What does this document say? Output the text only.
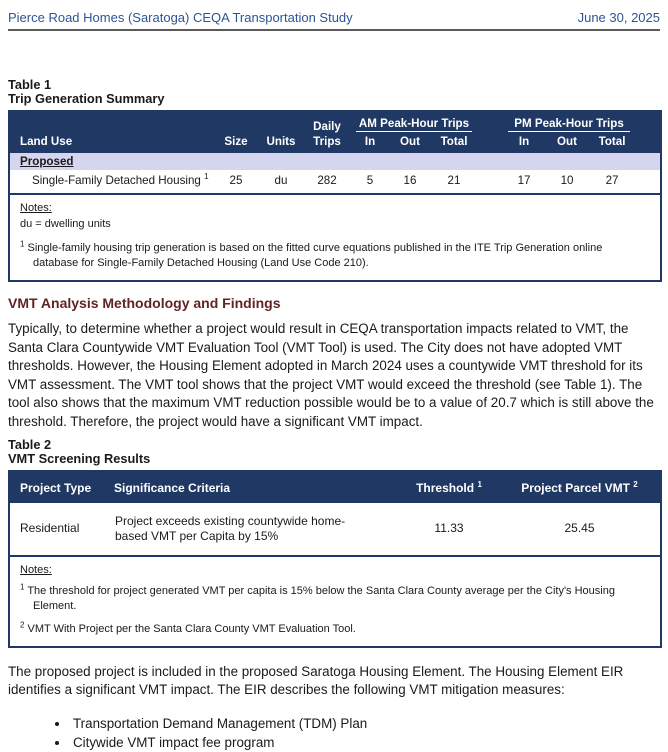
Pierce Road Homes (Saratoga) CEQA Transportation Study	June 30, 2025
Table 1
Trip Generation Summary
			Daily	AM Peak-Hour Trips				PM Peak-Hour Trips			

Land Use	Size	Units	Trips	In	Out	Total		In	Out	Total	
Proposed											
Single-Family Detached Housing $^1$	25	du	282	5	16	21		17	10	27	

Notes:
du = dwelling units
$^1$ Single-family housing trip generation is based on the fitted curve equations published in the ITE Trip Generation online database for Single-Family Detached Housing (Land Use Code 210).											
VMT Analysis Methodology and Findings
Typically, to determine whether a project would result in CEQA transportation impacts related to VMT, the Santa Clara Countywide VMT Evaluation Tool (VMT Tool) is used. The City does not have adopted VMT thresholds. However, the Housing Element adopted in March 2024 uses a countywide VMT threshold for its VMT assessment. The VMT tool shows that the project VMT would exceed the threshold (see Table 1). The tool also shows that the maximum VMT reduction possible would be to a value of 20.7 which is still above the threshold. Therefore, the project would have a significant VMT impact.
Table 2
VMT Screening Results
Project Type	Significance Criteria	Threshold $^1$	Project Parcel VMT $^2$
Residential	Project exceeds existing countywide home-based VMT per Capita by 15%	11.33	25.45

Notes:
$^1$ The threshold for project generated VMT per capita is 15% below the Santa Clara County average per the City's Housing Element.
$^2$ VMT With Project per the Santa Clara County VMT Evaluation Tool.			
The proposed project is included in the proposed Saratoga Housing Element. The Housing Element EIR identifies a significant VMT impact. The EIR describes the following VMT mitigation measures:
• Transportation Demand Management (TDM) Plan
• Citywide VMT impact fee program
